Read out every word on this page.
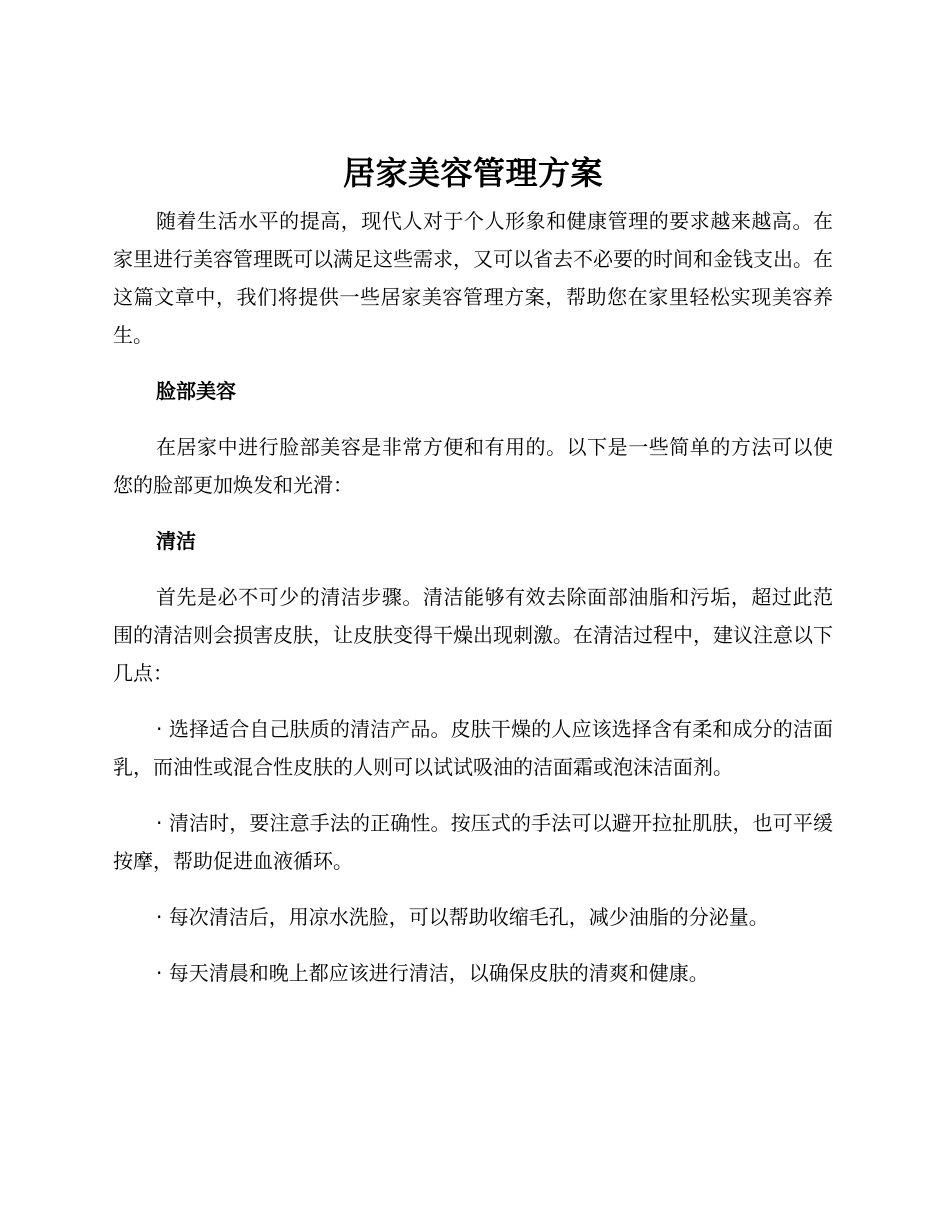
居家美容管理方案

随着生活水平的提高，现代人对于个人形象和健康管理的要求越来越高。在家里进行美容管理既可以满足这些需求，又可以省去不必要的时间和金钱支出。在这篇文章中，我们将提供一些居家美容管理方案，帮助您在家里轻松实现美容养生。

脸部美容

在居家中进行脸部美容是非常方便和有用的。以下是一些简单的方法可以使您的脸部更加焕发和光滑：

清洁

首先是必不可少的清洁步骤。清洁能够有效去除面部油脂和污垢，超过此范围的清洁则会损害皮肤，让皮肤变得干燥出现刺激。在清洁过程中，建议注意以下几点：

· 选择适合自己肤质的清洁产品。皮肤干燥的人应该选择含有柔和成分的洁面乳，而油性或混合性皮肤的人则可以试试吸油的洁面霜或泡沫洁面剂。

· 清洁时，要注意手法的正确性。按压式的手法可以避开拉扯肌肤，也可平缓按摩，帮助促进血液循环。

· 每次清洁后，用凉水洗脸，可以帮助收缩毛孔，减少油脂的分泌量。

· 每天清晨和晚上都应该进行清洁，以确保皮肤的清爽和健康。
